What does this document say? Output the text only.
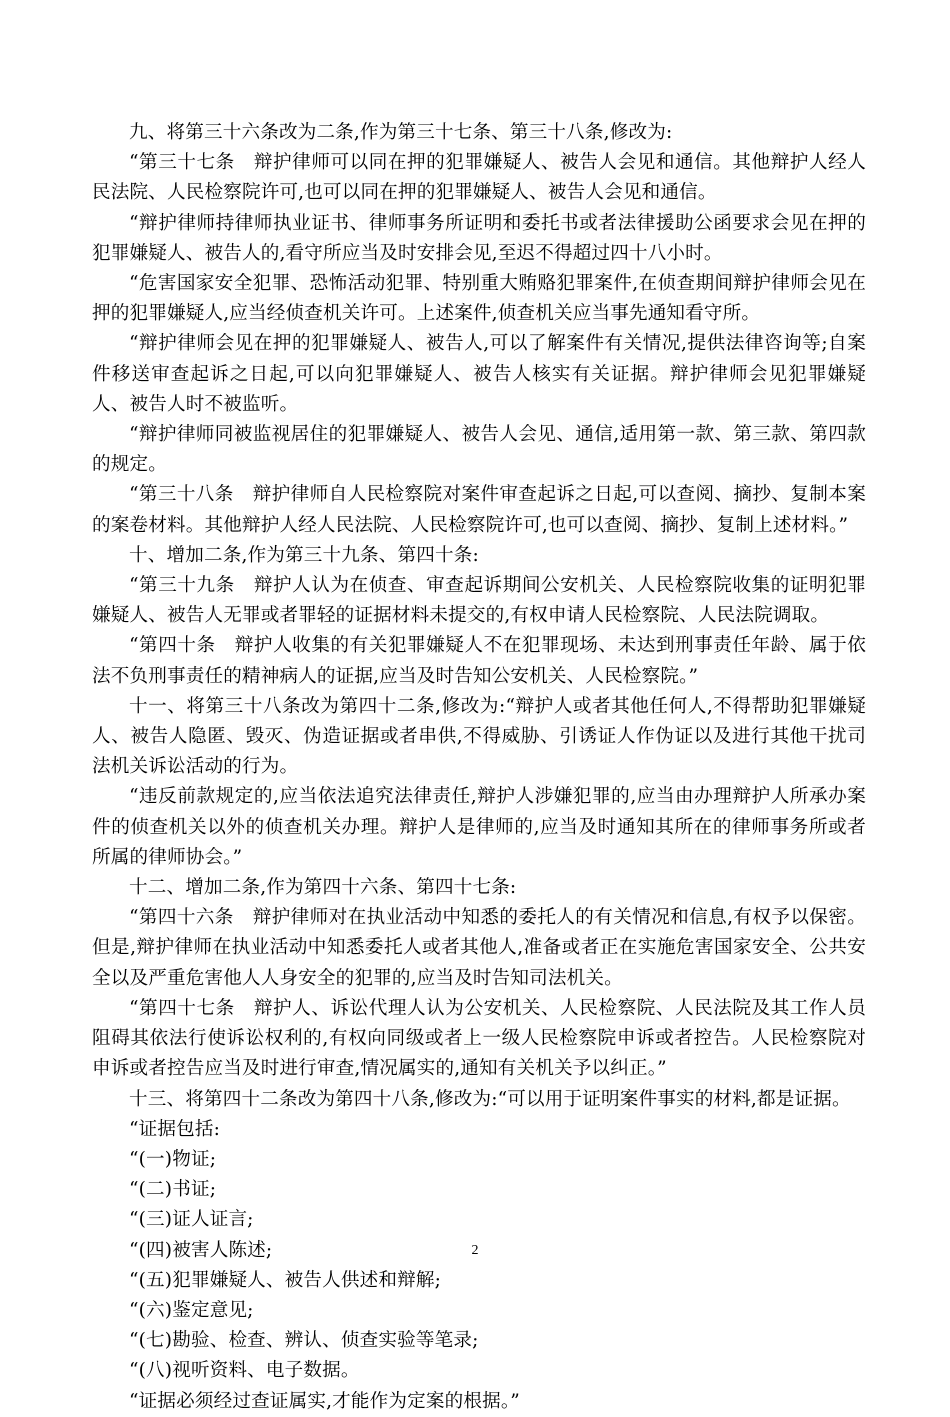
九、将第三十六条改为二条,作为第三十七条、第三十八条,修改为:

“第三十七条　辩护律师可以同在押的犯罪嫌疑人、被告人会见和通信。其他辩护人经人民法院、人民检察院许可,也可以同在押的犯罪嫌疑人、被告人会见和通信。

“辩护律师持律师执业证书、律师事务所证明和委托书或者法律援助公函要求会见在押的犯罪嫌疑人、被告人的,看守所应当及时安排会见,至迟不得超过四十八小时。

“危害国家安全犯罪、恐怖活动犯罪、特别重大贿赂犯罪案件,在侦查期间辩护律师会见在押的犯罪嫌疑人,应当经侦查机关许可。上述案件,侦查机关应当事先通知看守所。

“辩护律师会见在押的犯罪嫌疑人、被告人,可以了解案件有关情况,提供法律咨询等;自案件移送审查起诉之日起,可以向犯罪嫌疑人、被告人核实有关证据。辩护律师会见犯罪嫌疑人、被告人时不被监听。

“辩护律师同被监视居住的犯罪嫌疑人、被告人会见、通信,适用第一款、第三款、第四款的规定。

“第三十八条　辩护律师自人民检察院对案件审查起诉之日起,可以查阅、摘抄、复制本案的案卷材料。其他辩护人经人民法院、人民检察院许可,也可以查阅、摘抄、复制上述材料。”

十、增加二条,作为第三十九条、第四十条:

“第三十九条　辩护人认为在侦查、审查起诉期间公安机关、人民检察院收集的证明犯罪嫌疑人、被告人无罪或者罪轻的证据材料未提交的,有权申请人民检察院、人民法院调取。

“第四十条　辩护人收集的有关犯罪嫌疑人不在犯罪现场、未达到刑事责任年龄、属于依法不负刑事责任的精神病人的证据,应当及时告知公安机关、人民检察院。”

十一、将第三十八条改为第四十二条,修改为:“辩护人或者其他任何人,不得帮助犯罪嫌疑人、被告人隐匿、毁灭、伪造证据或者串供,不得威胁、引诱证人作伪证以及进行其他干扰司法机关诉讼活动的行为。

“违反前款规定的,应当依法追究法律责任,辩护人涉嫌犯罪的,应当由办理辩护人所承办案件的侦查机关以外的侦查机关办理。辩护人是律师的,应当及时通知其所在的律师事务所或者所属的律师协会。”

十二、增加二条,作为第四十六条、第四十七条:

“第四十六条　辩护律师对在执业活动中知悉的委托人的有关情况和信息,有权予以保密。但是,辩护律师在执业活动中知悉委托人或者其他人,准备或者正在实施危害国家安全、公共安全以及严重危害他人人身安全的犯罪的,应当及时告知司法机关。

“第四十七条　辩护人、诉讼代理人认为公安机关、人民检察院、人民法院及其工作人员阻碍其依法行使诉讼权利的,有权向同级或者上一级人民检察院申诉或者控告。人民检察院对申诉或者控告应当及时进行审查,情况属实的,通知有关机关予以纠正。”

十三、将第四十二条改为第四十八条,修改为:“可以用于证明案件事实的材料,都是证据。

“证据包括:

“(一)物证;

“(二)书证;

“(三)证人证言;

“(四)被害人陈述;

“(五)犯罪嫌疑人、被告人供述和辩解;

“(六)鉴定意见;

“(七)勘验、检查、辨认、侦查实验等笔录;

“(八)视听资料、电子数据。

“证据必须经过查证属实,才能作为定案的根据。”

2
